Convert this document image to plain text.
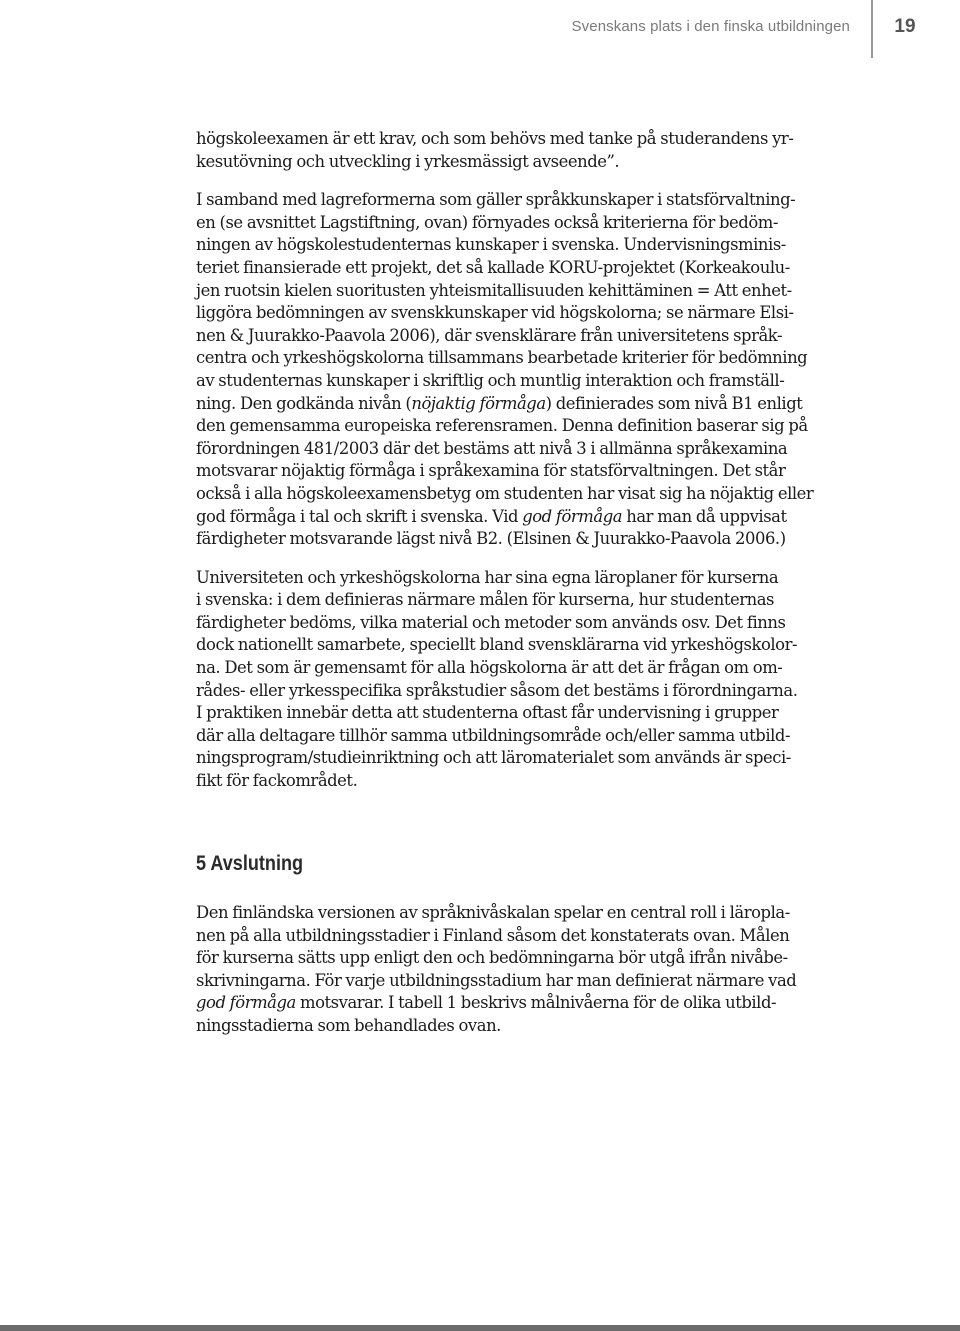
Svenskans plats i den finska utbildningen	19
högskoleexamen är ett krav, och som behövs med tanke på studerandens yr-
kesutövning och utveckling i yrkesmässigt avseende”.
I samband med lagreformerna som gäller språkkunskaper i statsförvaltning-
en (se avsnittet Lagstiftning, ovan) förnyades också kriterierna för bedöm-
ningen av högskolestudenternas kunskaper i svenska. Undervisningsminis-
teriet finansierade ett projekt, det så kallade KORU-projektet (Korkeakoulu-
jen ruotsin kielen suoritusten yhteismitallisuuden kehittäminen = Att enhet-
liggöra bedömningen av svenskkunskaper vid högskolorna; se närmare Elsi-
nen & Juurakko-Paavola 2006), där svensklärare från universitetens språk-
centra och yrkeshögskolorna tillsammans bearbetade kriterier för bedömning
av studenternas kunskaper i skriftlig och muntlig interaktion och framställ-
ning. Den godkända nivån (nöjaktig förmåga) definierades som nivå B1 enligt
den gemensamma europeiska referensramen. Denna definition baserar sig på
förordningen 481/2003 där det bestäms att nivå 3 i allmänna språkexamina
motsvarar nöjaktig förmåga i språkexamina för statsförvaltningen. Det står
också i alla högskoleexamensbetyg om studenten har visat sig ha nöjaktig eller
god förmåga i tal och skrift i svenska. Vid god förmåga har man då uppvisat
färdigheter motsvarande lägst nivå B2. (Elsinen & Juurakko-Paavola 2006.)
Universiteten och yrkeshögskolorna har sina egna läroplaner för kurserna
i svenska: i dem definieras närmare målen för kurserna, hur studenternas
färdigheter bedöms, vilka material och metoder som används osv. Det finns
dock nationellt samarbete, speciellt bland svensklärarna vid yrkeshögskolor-
na. Det som är gemensamt för alla högskolorna är att det är frågan om om-
rådes- eller yrkesspecifika språkstudier såsom det bestäms i förordningarna.
I praktiken innebär detta att studenterna oftast får undervisning i grupper
där alla deltagare tillhör samma utbildningsområde och/eller samma utbild-
ningsprogram/studieinriktning och att läromaterialet som används är speci-
fikt för fackområdet.
5 Avslutning
Den finländska versionen av språknivåskalan spelar en central roll i läropla-
nen på alla utbildningsstadier i Finland såsom det konstaterats ovan. Målen
för kurserna sätts upp enligt den och bedömningarna bör utgå ifrån nivåbe-
skrivningarna. För varje utbildningsstadium har man definierat närmare vad
god förmåga motsvarar. I tabell 1 beskrivs målnivåerna för de olika utbild-
ningsstadierna som behandlades ovan.
